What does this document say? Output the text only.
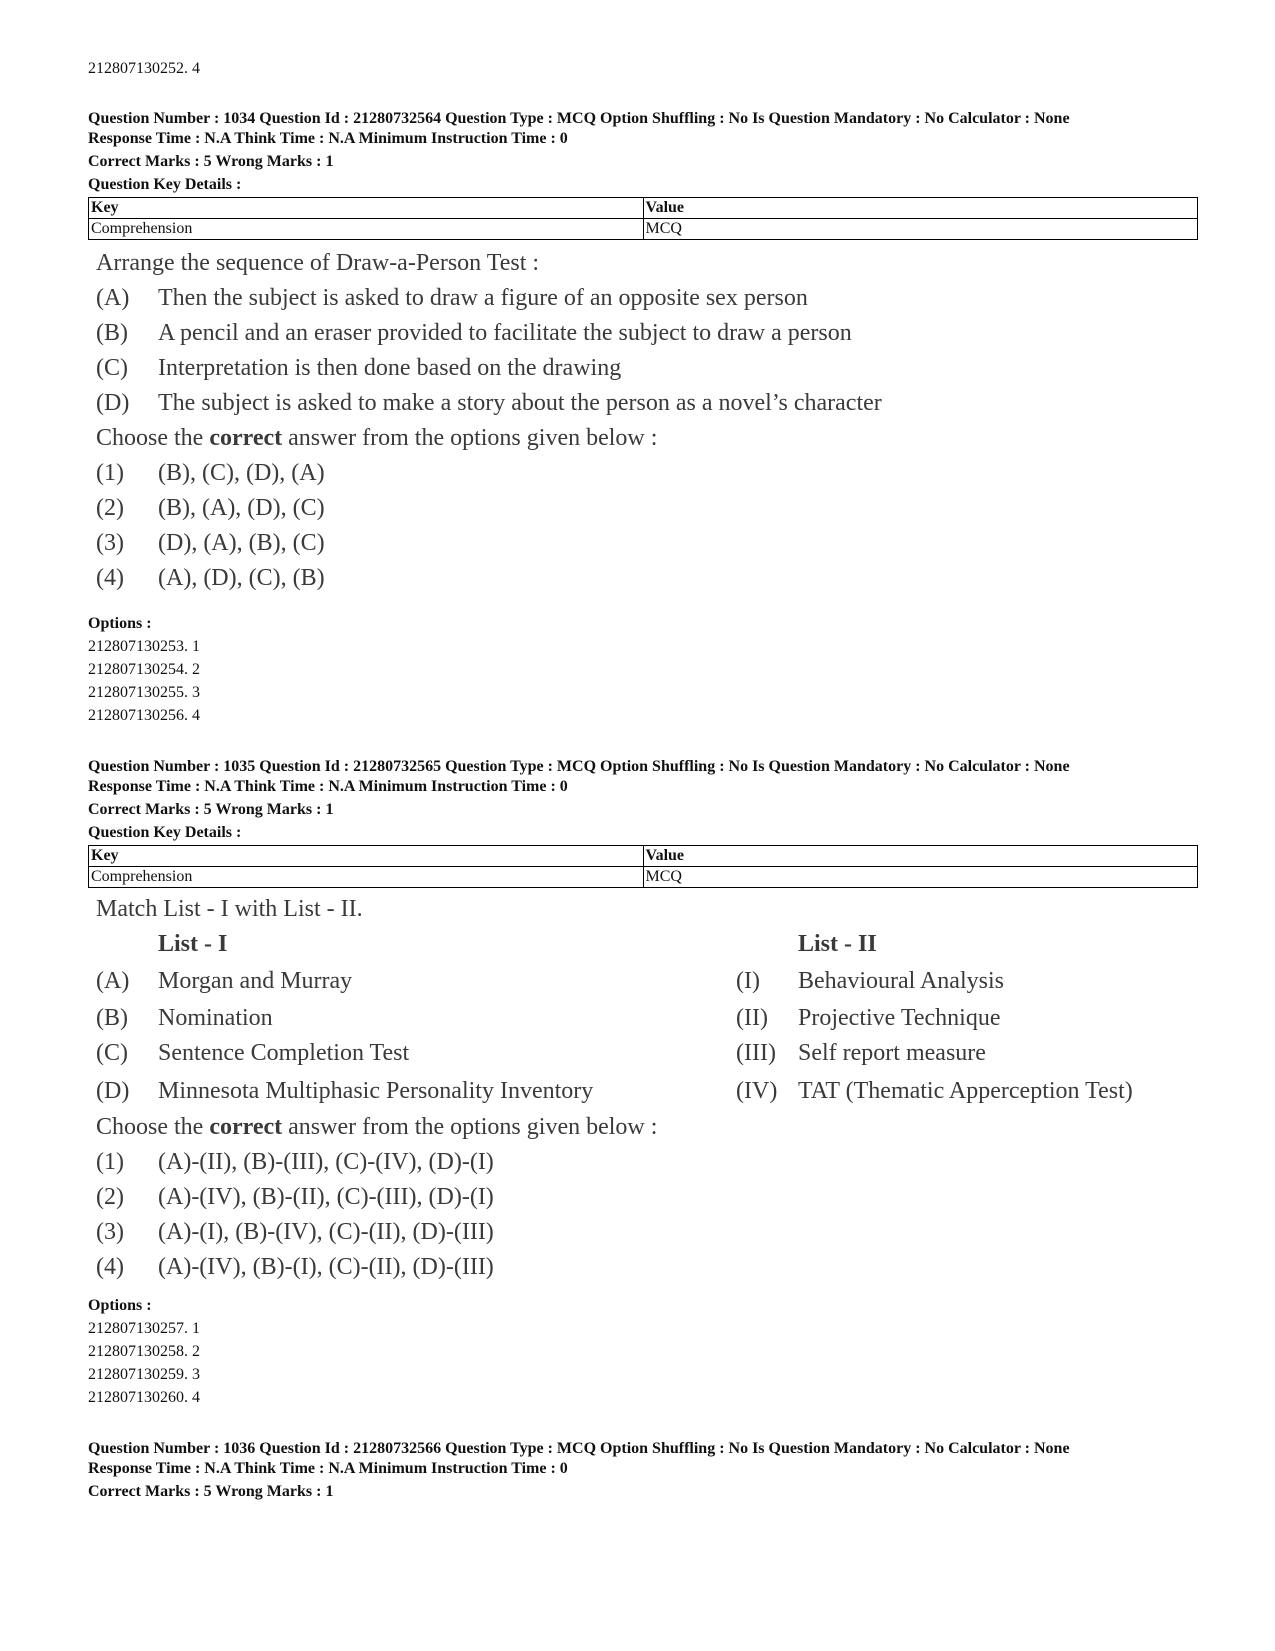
212807130252. 4
Question Number : 1034 Question Id : 21280732564 Question Type : MCQ Option Shuffling : No Is Question Mandatory : No Calculator : None
Response Time : N.A Think Time : N.A Minimum Instruction Time : 0
Correct Marks : 5 Wrong Marks : 1
Question Key Details :
Key	Value
Comprehension	MCQ
Arrange the sequence of Draw-a-Person Test :
(A)	Then the subject is asked to draw a figure of an opposite sex person
(B)	A pencil and an eraser provided to facilitate the subject to draw a person
(C)	Interpretation is then done based on the drawing
(D)	The subject is asked to make a story about the person as a novel’s character
Choose the correct answer from the options given below :
(1)	(B), (C), (D), (A)
(2)	(B), (A), (D), (C)
(3)	(D), (A), (B), (C)
(4)	(A), (D), (C), (B)
Options :
212807130253. 1
212807130254. 2
212807130255. 3
212807130256. 4
Question Number : 1035 Question Id : 21280732565 Question Type : MCQ Option Shuffling : No Is Question Mandatory : No Calculator : None
Response Time : N.A Think Time : N.A Minimum Instruction Time : 0
Correct Marks : 5 Wrong Marks : 1
Question Key Details :
Key	Value
Comprehension	MCQ
Match List - I with List - II.
List - I	List - II
(A)	Morgan and Murray	(I)	Behavioural Analysis
(B)	Nomination	(II)	Projective Technique
(C)	Sentence Completion Test	(III) Self report measure
(D)	Minnesota Multiphasic Personality Inventory	(IV) TAT (Thematic Apperception Test)
Choose the correct answer from the options given below :
(1)	(A)-(II), (B)-(III), (C)-(IV), (D)-(I)
(2)	(A)-(IV), (B)-(II), (C)-(III), (D)-(I)
(3)	(A)-(I), (B)-(IV), (C)-(II), (D)-(III)
(4)	(A)-(IV), (B)-(I), (C)-(II), (D)-(III)
Options :
212807130257. 1
212807130258. 2
212807130259. 3
212807130260. 4
Question Number : 1036 Question Id : 21280732566 Question Type : MCQ Option Shuffling : No Is Question Mandatory : No Calculator : None
Response Time : N.A Think Time : N.A Minimum Instruction Time : 0
Correct Marks : 5 Wrong Marks : 1
